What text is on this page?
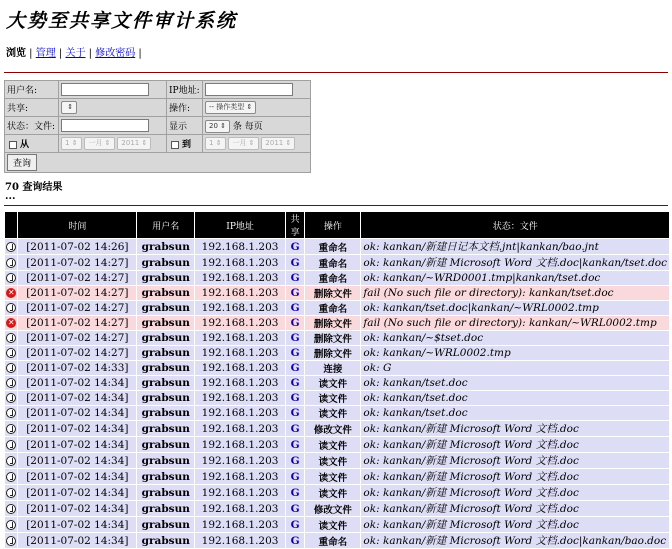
大势至共享文件审计系统
浏览 | 管理 | 关于 | 修改密码 |
用户名:		IP地址:	
共享:	⇕	操作:	-- 操作类型 ⇕
状态：文件:		显示	20 ⇕ 条 每页
从	1 ⇕ 一月 ⇕ 2011 ⇕	到	1 ⇕ 一月 ⇕ 2011 ⇕
查询			
70 查询结果
...
	时间	用户名	IP地址	共享	操作	状态：文件
	[2011-07-02 14:26]	grabsun	192.168.1.203	G	重命名	ok: kankan/新建日记本文档.jnt|kankan/bao.jnt
	[2011-07-02 14:27]	grabsun	192.168.1.203	G	重命名	ok: kankan/新建 Microsoft Word 文档.doc|kankan/tset.doc
	[2011-07-02 14:27]	grabsun	192.168.1.203	G	重命名	ok: kankan/~WRD0001.tmp|kankan/tset.doc
✕	[2011-07-02 14:27]	grabsun	192.168.1.203	G	删除文件	fail (No such file or directory): kankan/tset.doc
	[2011-07-02 14:27]	grabsun	192.168.1.203	G	重命名	ok: kankan/tset.doc|kankan/~WRL0002.tmp
✕	[2011-07-02 14:27]	grabsun	192.168.1.203	G	删除文件	fail (No such file or directory): kankan/~WRL0002.tmp
	[2011-07-02 14:27]	grabsun	192.168.1.203	G	删除文件	ok: kankan/~$tset.doc
	[2011-07-02 14:27]	grabsun	192.168.1.203	G	删除文件	ok: kankan/~WRL0002.tmp
	[2011-07-02 14:33]	grabsun	192.168.1.203	G	连接	ok: G
	[2011-07-02 14:34]	grabsun	192.168.1.203	G	读文件	ok: kankan/tset.doc
	[2011-07-02 14:34]	grabsun	192.168.1.203	G	读文件	ok: kankan/tset.doc
	[2011-07-02 14:34]	grabsun	192.168.1.203	G	读文件	ok: kankan/tset.doc
	[2011-07-02 14:34]	grabsun	192.168.1.203	G	修改文件	ok: kankan/新建 Microsoft Word 文档.doc
	[2011-07-02 14:34]	grabsun	192.168.1.203	G	读文件	ok: kankan/新建 Microsoft Word 文档.doc
	[2011-07-02 14:34]	grabsun	192.168.1.203	G	读文件	ok: kankan/新建 Microsoft Word 文档.doc
	[2011-07-02 14:34]	grabsun	192.168.1.203	G	读文件	ok: kankan/新建 Microsoft Word 文档.doc
	[2011-07-02 14:34]	grabsun	192.168.1.203	G	读文件	ok: kankan/新建 Microsoft Word 文档.doc
	[2011-07-02 14:34]	grabsun	192.168.1.203	G	修改文件	ok: kankan/新建 Microsoft Word 文档.doc
	[2011-07-02 14:34]	grabsun	192.168.1.203	G	读文件	ok: kankan/新建 Microsoft Word 文档.doc
	[2011-07-02 14:34]	grabsun	192.168.1.203	G	重命名	ok: kankan/新建 Microsoft Word 文档.doc|kankan/bao.doc
